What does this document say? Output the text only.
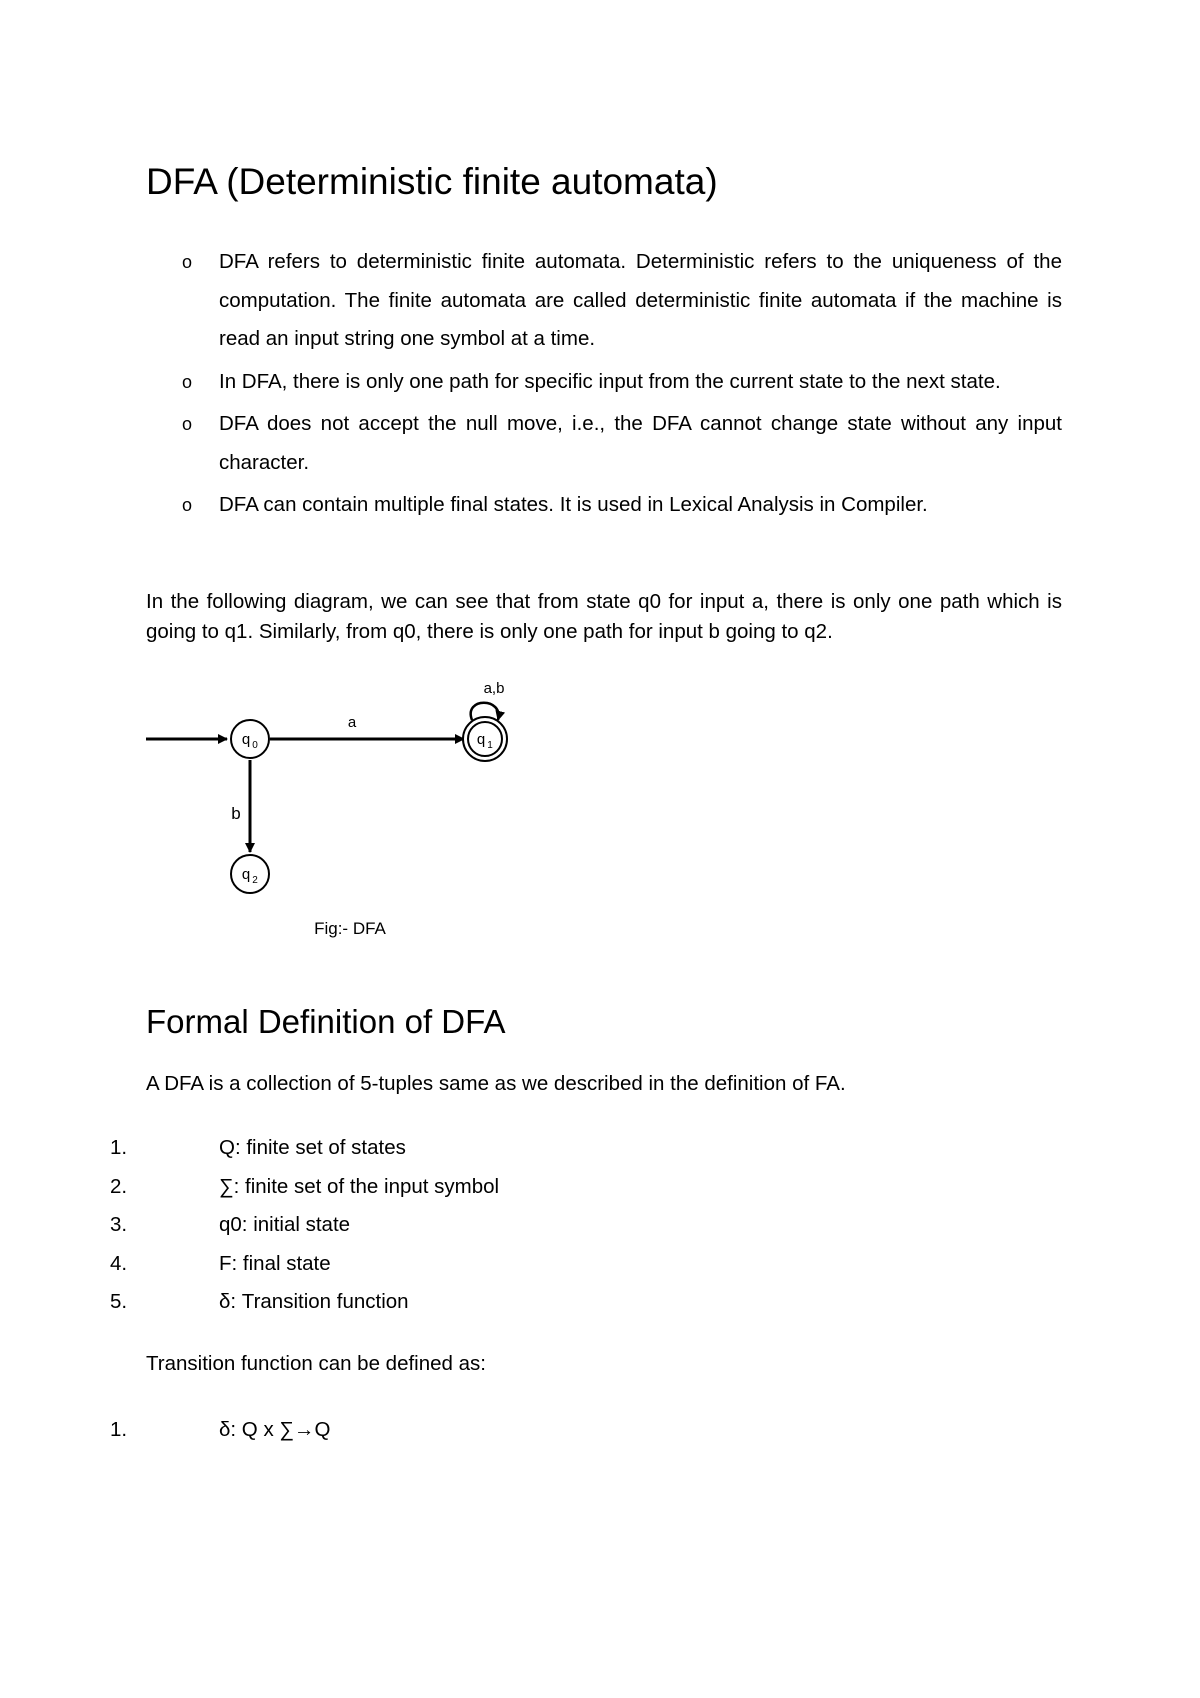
DFA (Deterministic finite automata)
o DFA refers to deterministic finite automata. Deterministic refers to the uniqueness of the computation. The finite automata are called deterministic finite automata if the machine is read an input string one symbol at a time.
o In DFA, there is only one path for specific input from the current state to the next state.
o DFA does not accept the null move, i.e., the DFA cannot change state without any input character.
o DFA can contain multiple final states. It is used in Lexical Analysis in Compiler.

In the following diagram, we can see that from state q0 for input a, there is only one path which is going to q1. Similarly, from q0, there is only one path for input b going to q2.

a
b
a,b
q 0	q 1
q 2
Fig:- DFA
Formal Definition of DFA

A DFA is a collection of 5-tuples same as we described in the definition of FA.

1.	Q: finite set of states
2.	∑: finite set of the input symbol
3.	q0: initial state
4.	F: final state
5.	δ: Transition function

Transition function can be defined as:

1.	δ: Q x ∑→Q
